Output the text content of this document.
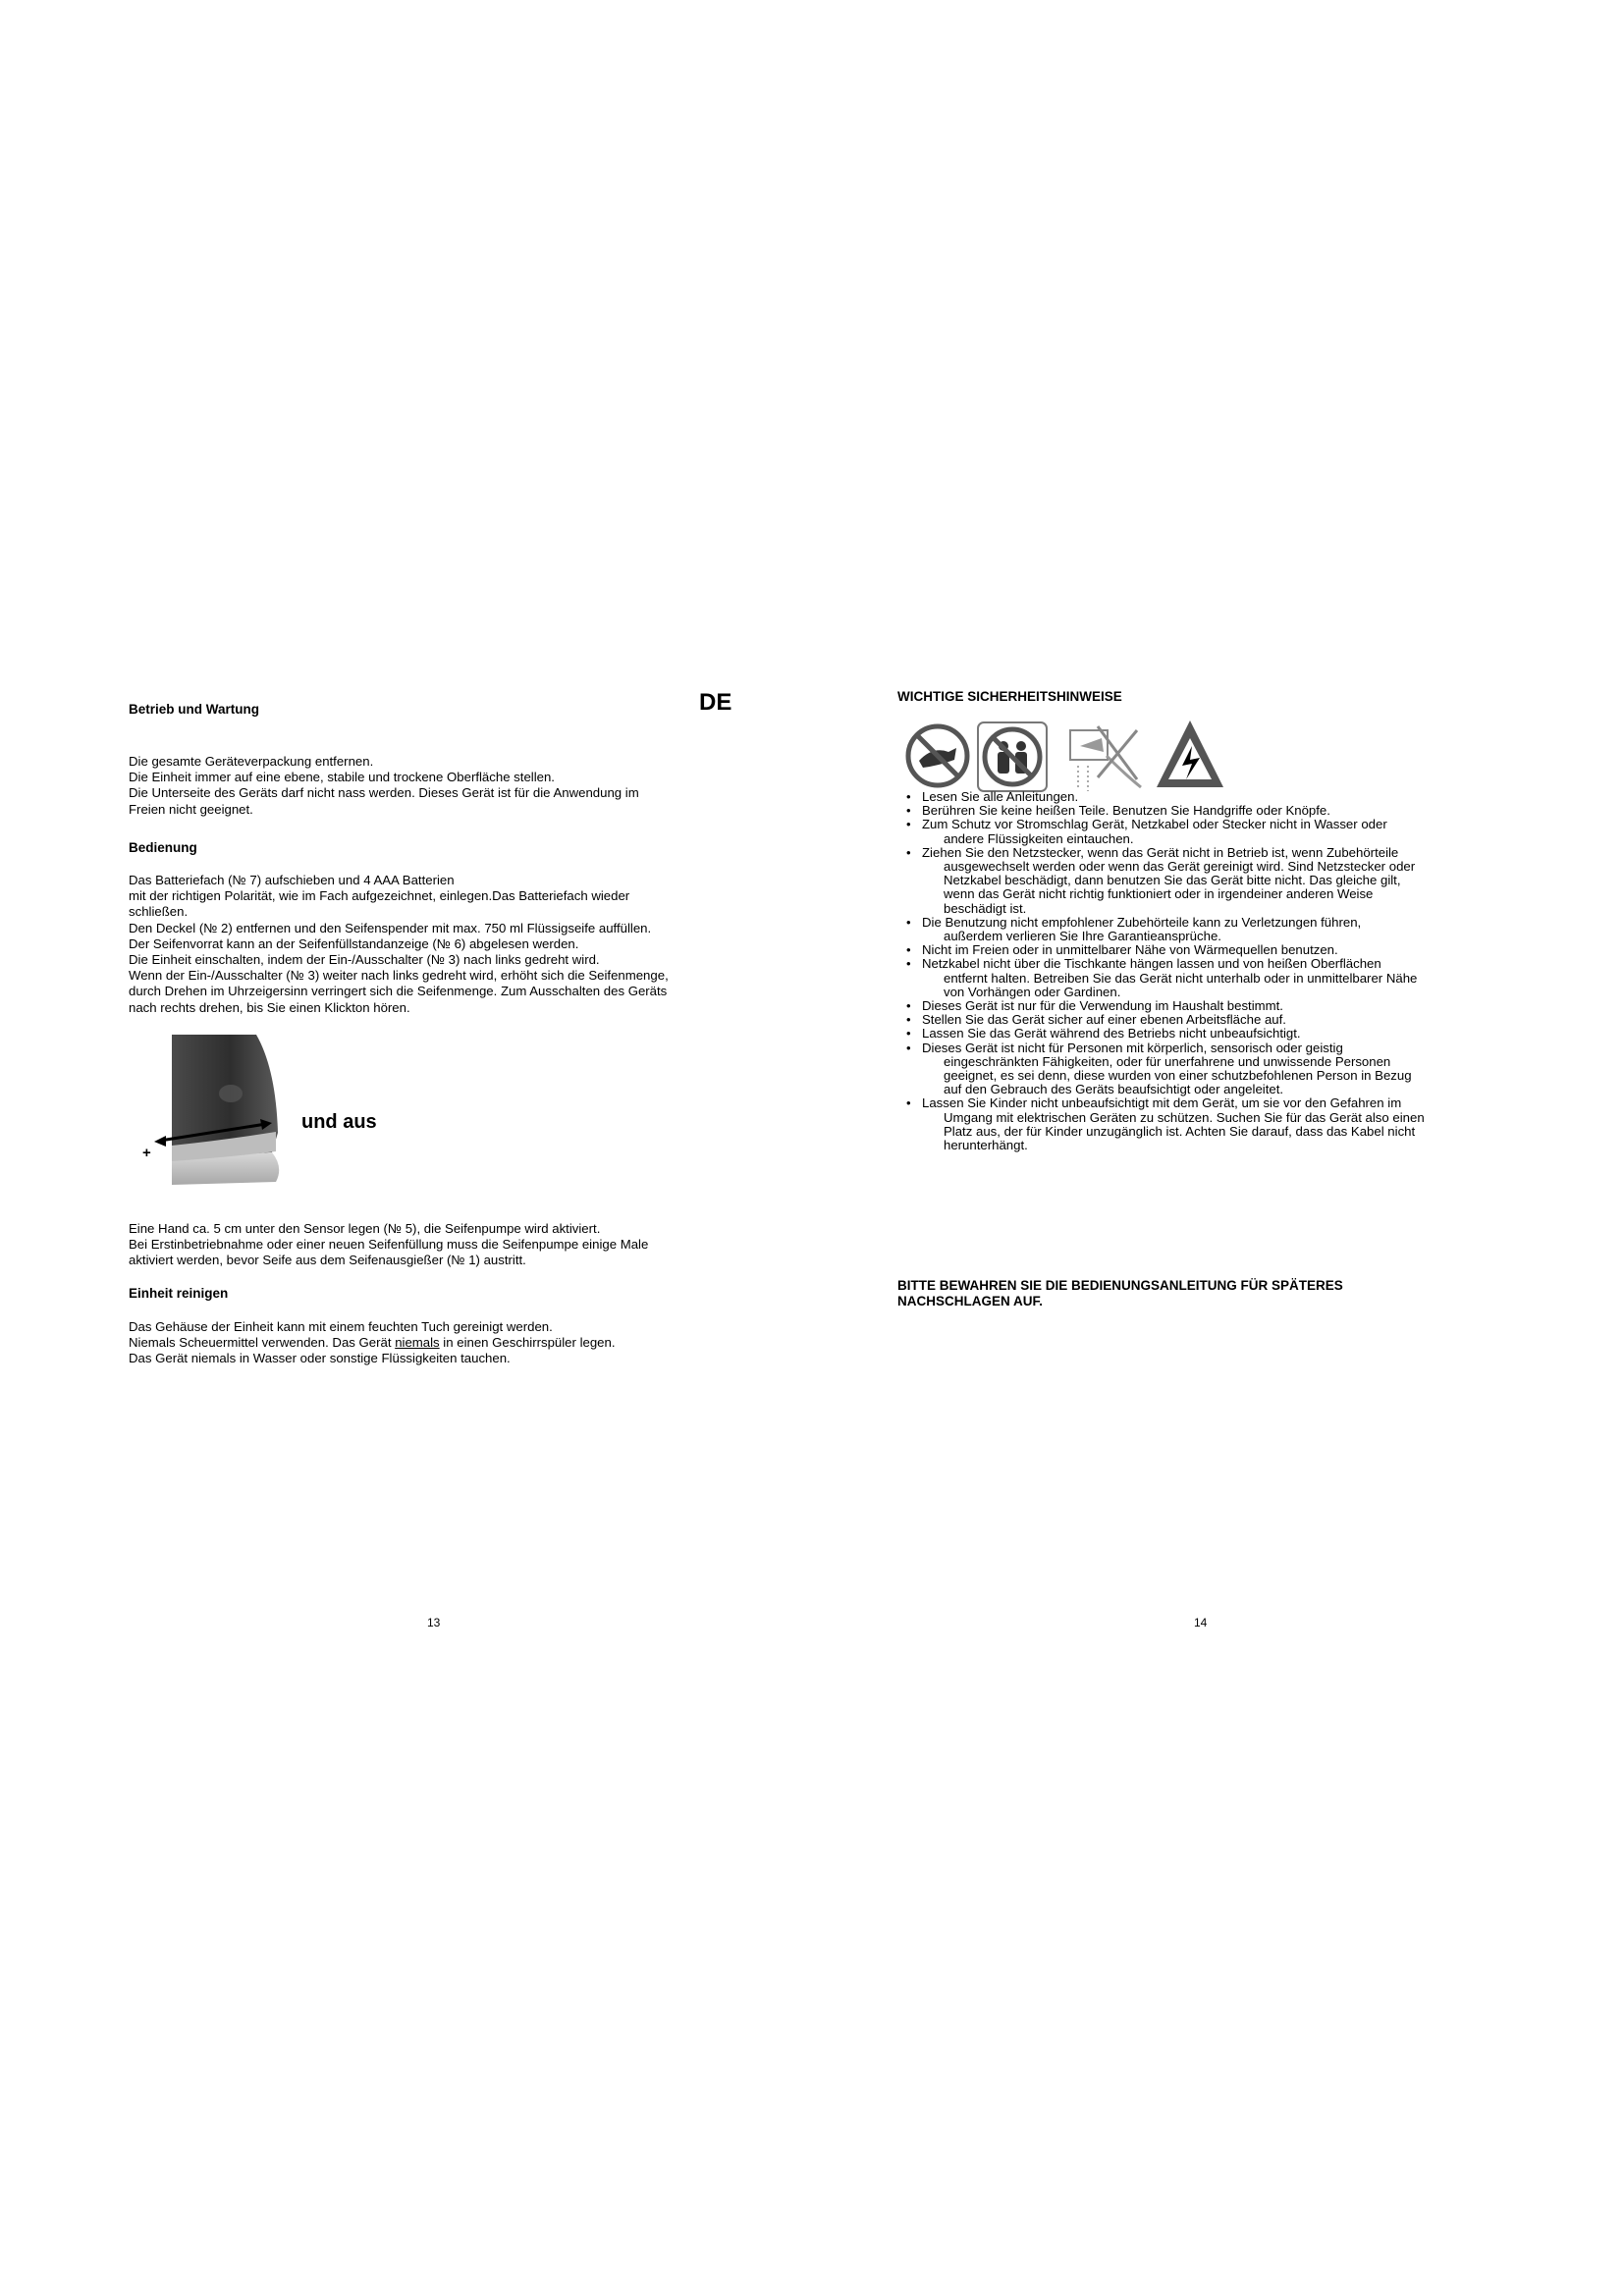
Betrieb und Wartung	DE
Die gesamte Geräteverpackung entfernen.
Die Einheit immer auf eine ebene, stabile und trockene Oberfläche stellen.
Die Unterseite des Geräts darf nicht nass werden. Dieses Gerät ist für die Anwendung im
Freien nicht geeignet.
Bedienung
Das Batteriefach (№ 7) aufschieben und 4 AAA Batterien
mit der richtigen Polarität, wie im Fach aufgezeichnet, einlegen.Das Batteriefach wieder
schließen.
Den Deckel (№ 2) entfernen und den Seifenspender mit max. 750 ml Flüssigseife auffüllen.
Der Seifenvorrat kann an der Seifenfüllstandanzeige (№ 6) abgelesen werden.
Die Einheit einschalten, indem der Ein-/Ausschalter (№ 3) nach links gedreht wird.
Wenn der Ein-/Ausschalter (№ 3) weiter nach links gedreht wird, erhöht sich die Seifenmenge,
durch Drehen im Uhrzeigersinn verringert sich die Seifenmenge. Zum Ausschalten des Geräts
nach rechts drehen, bis Sie einen Klickton hören.
+
und aus
Eine Hand ca. 5 cm unter den Sensor legen (№ 5), die Seifenpumpe wird aktiviert.
Bei Erstinbetriebnahme oder einer neuen Seifenfüllung muss die Seifenpumpe einige Male
aktiviert werden, bevor Seife aus dem Seifenausgießer (№ 1) austritt.
Einheit reinigen
Das Gehäuse der Einheit kann mit einem feuchten Tuch gereinigt werden.
Niemals Scheuermittel verwenden. Das Gerät niemals in einen Geschirrspüler legen.
Das Gerät niemals in Wasser oder sonstige Flüssigkeiten tauchen.
13
WICHTIGE SICHERHEITSHINWEISE
• Lesen Sie alle Anleitungen.
• Berühren Sie keine heißen Teile. Benutzen Sie Handgriffe oder Knöpfe.
• Zum Schutz vor Stromschlag Gerät, Netzkabel oder Stecker nicht in Wasser oder
andere Flüssigkeiten eintauchen.
• Ziehen Sie den Netzstecker, wenn das Gerät nicht in Betrieb ist, wenn Zubehörteile
ausgewechselt werden oder wenn das Gerät gereinigt wird. Sind Netzstecker oder
Netzkabel beschädigt, dann benutzen Sie das Gerät bitte nicht. Das gleiche gilt,
wenn das Gerät nicht richtig funktioniert oder in irgendeiner anderen Weise
beschädigt ist.
• Die Benutzung nicht empfohlener Zubehörteile kann zu Verletzungen führen,
außerdem verlieren Sie Ihre Garantieansprüche.
• Nicht im Freien oder in unmittelbarer Nähe von Wärmequellen benutzen.
• Netzkabel nicht über die Tischkante hängen lassen und von heißen Oberflächen
entfernt halten. Betreiben Sie das Gerät nicht unterhalb oder in unmittelbarer Nähe
von Vorhängen oder Gardinen.
• Dieses Gerät ist nur für die Verwendung im Haushalt bestimmt.
• Stellen Sie das Gerät sicher auf einer ebenen Arbeitsfläche auf.
• Lassen Sie das Gerät während des Betriebs nicht unbeaufsichtigt.
• Dieses Gerät ist nicht für Personen mit körperlich, sensorisch oder geistig
eingeschränkten Fähigkeiten, oder für unerfahrene und unwissende Personen
geeignet, es sei denn, diese wurden von einer schutzbefohlenen Person in Bezug
auf den Gebrauch des Geräts beaufsichtigt oder angeleitet.
• Lassen Sie Kinder nicht unbeaufsichtigt mit dem Gerät, um sie vor den Gefahren im
Umgang mit elektrischen Geräten zu schützen. Suchen Sie für das Gerät also einen
Platz aus, der für Kinder unzugänglich ist. Achten Sie darauf, dass das Kabel nicht
herunterhängt.
BITTE BEWAHREN SIE DIE BEDIENUNGSANLEITUNG FÜR SPÄTERES
NACHSCHLAGEN AUF.
14
